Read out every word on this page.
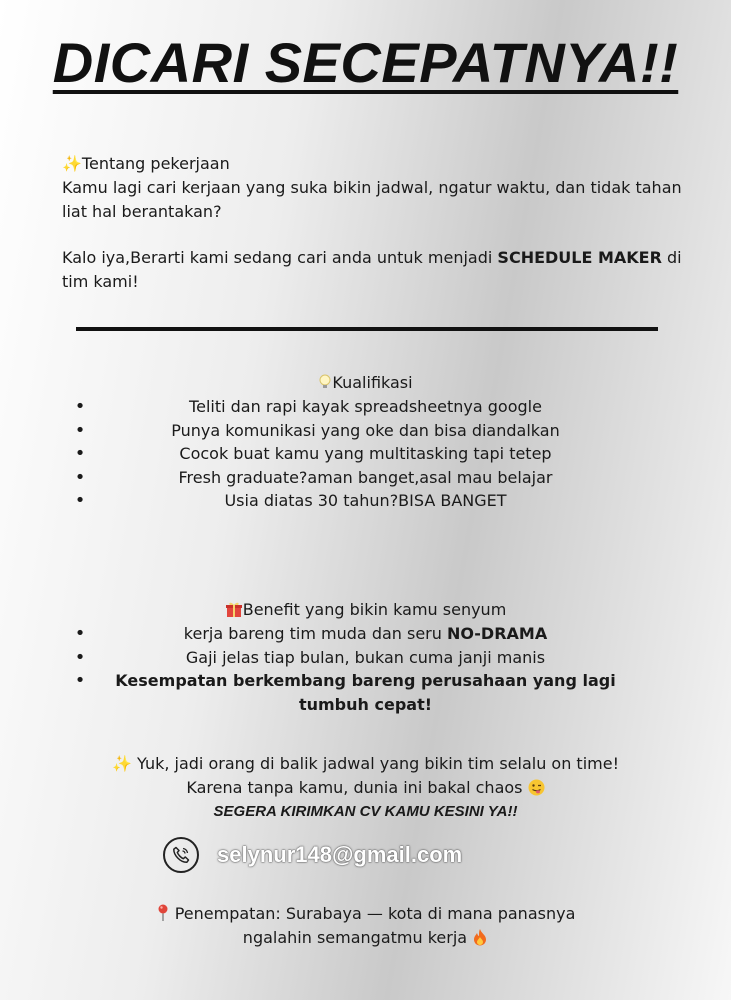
DICARI SECEPATNYA!!

✨Tentang pekerjaan

Kamu lagi cari kerjaan yang suka bikin jadwal, ngatur waktu, dan tidak tahan liat hal berantakan?

Kalo iya,Berarti kami sedang cari anda untuk menjadi SCHEDULE MAKER di tim kami!

Kualifikasi
•	Teliti dan rapi kayak spreadsheetnya google
•	Punya komunikasi yang oke dan bisa diandalkan
•	Cocok buat kamu yang multitasking tapi tetep
•	Fresh graduate?aman banget,asal mau belajar
•	Usia diatas 30 tahun?BISA BANGET
Benefit yang bikin kamu senyum
•	kerja bareng tim muda dan seru NO-DRAMA
•	Gaji jelas tiap bulan, bukan cuma janji manis
• Kesempatan berkembang bareng perusahaan yang lagi tumbuh cepat!
✨ Yuk, jadi orang di balik jadwal yang bikin tim selalu on time!
Karena tanpa kamu, dunia ini bakal chaos
SEGERA KIRIMKAN CV KAMU KESINI YA!!
selynur148@gmail.com
Penempatan: Surabaya — kota di mana panasnya
ngalahin semangatmu kerja
